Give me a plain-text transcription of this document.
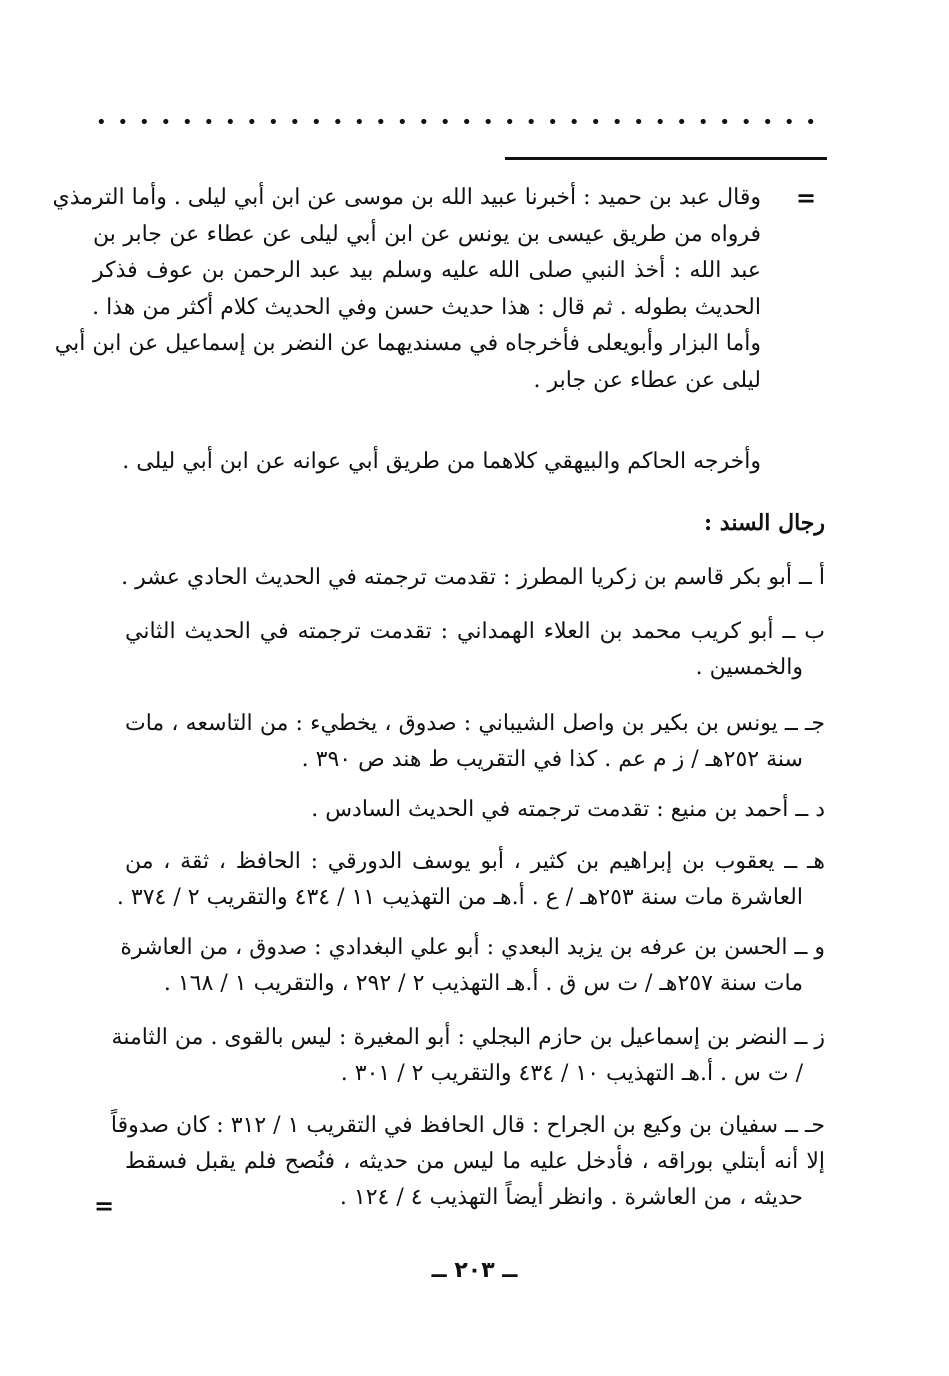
• • • • • • • • • • • • • • • • • • • • • • • • • • • • • • • • • •
=
وقال عبد بن حميد : أخبرنا عبيد الله بن موسى عن ابن أبي ليلى . وأما الترمذي
فرواه من طريق عيسى بن يونس عن ابن أبي ليلى عن عطاء عن جابر بن
عبد الله : أخذ النبي صلى الله عليه وسلم بيد عبد الرحمن بن عوف فذكر
الحديث بطوله . ثم قال : هذا حديث حسن وفي الحديث كلام أكثر من هذا .
وأما البزار وأبويعلى فأخرجاه في مسنديهما عن النضر بن إسماعيل عن ابن أبي
ليلى عن عطاء عن جابر .
وأخرجه الحاكم والبيهقي كلاهما من طريق أبي عوانه عن ابن أبي ليلى .
رجال السند :
أ ــ أبو بكر قاسم بن زكريا المطرز : تقدمت ترجمته في الحديث الحادي عشر .
ب ــ أبو كريب محمد بن العلاء الهمداني : تقدمت ترجمته في الحديث الثاني
والخمسين .
جـ ــ يونس بن بكير بن واصل الشيباني : صدوق ، يخطيء : من التاسعه ، مات
سنة ٢٥٢هـ / ز م عم . كذا في التقريب ط هند ص ٣٩٠ .
د ــ أحمد بن منيع : تقدمت ترجمته في الحديث السادس .
هـ ــ يعقوب بن إبراهيم بن كثير ، أبو يوسف الدورقي : الحافظ ، ثقة ، من
العاشرة مات سنة ٢٥٣هـ / ع . أ.هـ من التهذيب ١١ / ٤٣٤ والتقريب ٢ / ٣٧٤ .
و ــ الحسن بن عرفه بن يزيد البعدي : أبو علي البغدادي : صدوق ، من العاشرة
مات سنة ٢٥٧هـ / ت س ق . أ.هـ التهذيب ٢ / ٢٩٢ ، والتقريب ١ / ١٦٨ .
ز ــ النضر بن إسماعيل بن حازم البجلي : أبو المغيرة : ليس بالقوى . من الثامنة
/ ت س . أ.هـ التهذيب ١٠ / ٤٣٤ والتقريب ٢ / ٣٠١ .
حـ ــ سفيان بن وكيع بن الجراح : قال الحافظ في التقريب ١ / ٣١٢ : كان صدوقاً
إلا أنه أبتلي بوراقه ، فأدخل عليه ما ليس من حديثه ، فنُصح فلم يقبل فسقط
حديثه ، من العاشرة . وانظر أيضاً التهذيب ٤ / ١٢٤ .
=
ــ ٢٠٣ ــ
